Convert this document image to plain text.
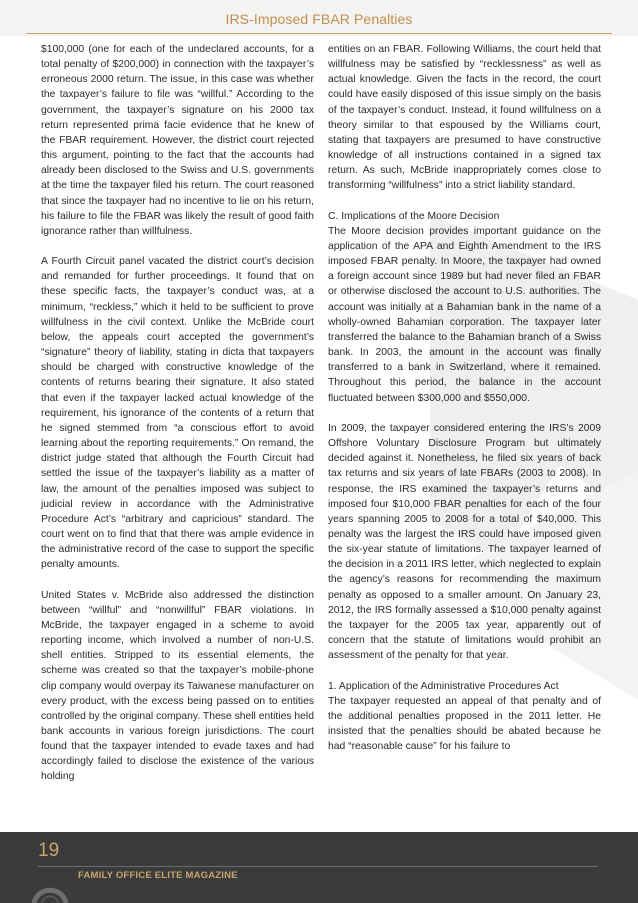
IRS-Imposed FBAR Penalties

$100,000 (one for each of the undeclared accounts, for a total penalty of $200,000) in connection with the taxpayer’s erroneous 2000 return. The issue, in this case was whether the taxpayer’s failure to file was “willful.” According to the government, the taxpayer’s signature on his 2000 tax return represented prima facie evidence that he knew of the FBAR requirement. However, the district court rejected this argument, pointing to the fact that the accounts had already been disclosed to the Swiss and U.S. governments at the time the taxpayer filed his return. The court reasoned that since the taxpayer had no incentive to lie on his return, his failure to file the FBAR was likely the result of good faith ignorance rather than willfulness.

A Fourth Circuit panel vacated the district court’s decision and remanded for further proceedings. It found that on these specific facts, the taxpayer’s conduct was, at a minimum, “reckless,” which it held to be sufficient to prove willfulness in the civil context. Unlike the McBride court below, the appeals court accepted the government’s “signature” theory of liability, stating in dicta that taxpayers should be charged with constructive knowledge of the contents of returns bearing their signature. It also stated that even if the taxpayer lacked actual knowledge of the requirement, his ignorance of the contents of a return that he signed stemmed from “a conscious effort to avoid learning about the reporting requirements.” On remand, the district judge stated that although the Fourth Circuit had settled the issue of the taxpayer’s liability as a matter of law, the amount of the penalties imposed was subject to judicial review in accordance with the Administrative Procedure Act’s “arbitrary and capricious” standard. The court went on to find that that there was ample evidence in the administrative record of the case to support the specific penalty amounts.

United States v. McBride also addressed the distinction between “willful” and “nonwillful” FBAR violations. In McBride, the taxpayer engaged in a scheme to avoid reporting income, which involved a number of non-U.S. shell entities. Stripped to its essential elements, the scheme was created so that the taxpayer’s mobile-phone clip company would overpay its Taiwanese manufacturer on every product, with the excess being passed on to entities controlled by the original company. These shell entities held bank accounts in various foreign jurisdictions. The court found that the taxpayer intended to evade taxes and had accordingly failed to disclose the existence of the various holding

entities on an FBAR. Following Williams, the court held that willfulness may be satisfied by “recklessness” as well as actual knowledge. Given the facts in the record, the court could have easily disposed of this issue simply on the basis of the taxpayer’s conduct. Instead, it found willfulness on a theory similar to that espoused by the Williams court, stating that taxpayers are presumed to have constructive knowledge of all instructions contained in a signed tax return. As such, McBride inappropriately comes close to transforming “willfulness” into a strict liability standard.

C. Implications of the Moore Decision

The Moore decision provides important guidance on the application of the APA and Eighth Amendment to the IRS imposed FBAR penalty. In Moore, the taxpayer had owned a foreign account since 1989 but had never filed an FBAR or otherwise disclosed the account to U.S. authorities. The account was initially at a Bahamian bank in the name of a wholly-owned Bahamian corporation. The taxpayer later transferred the balance to the Bahamian branch of a Swiss bank. In 2003, the amount in the account was finally transferred to a bank in Switzerland, where it remained. Throughout this period, the balance in the account fluctuated between $300,000 and $550,000.

In 2009, the taxpayer considered entering the IRS’s 2009 Offshore Voluntary Disclosure Program but ultimately decided against it. Nonetheless, he filed six years of back tax returns and six years of late FBARs (2003 to 2008). In response, the IRS examined the taxpayer’s returns and imposed four $10,000 FBAR penalties for each of the four years spanning 2005 to 2008 for a total of $40,000. This penalty was the largest the IRS could have imposed given the six-year statute of limitations. The taxpayer learned of the decision in a 2011 IRS letter, which neglected to explain the agency’s reasons for recommending the maximum penalty as opposed to a smaller amount. On January 23, 2012, the IRS formally assessed a $10,000 penalty against the taxpayer for the 2005 tax year, apparently out of concern that the statute of limitations would prohibit an assessment of the penalty for that year.

1. Application of the Administrative Procedures Act

The taxpayer requested an appeal of that penalty and of the additional penalties proposed in the 2011 letter. He insisted that the penalties should be abated because he had “reasonable cause” for his failure to

19
FAMILY OFFICE ELITE MAGAZINE
